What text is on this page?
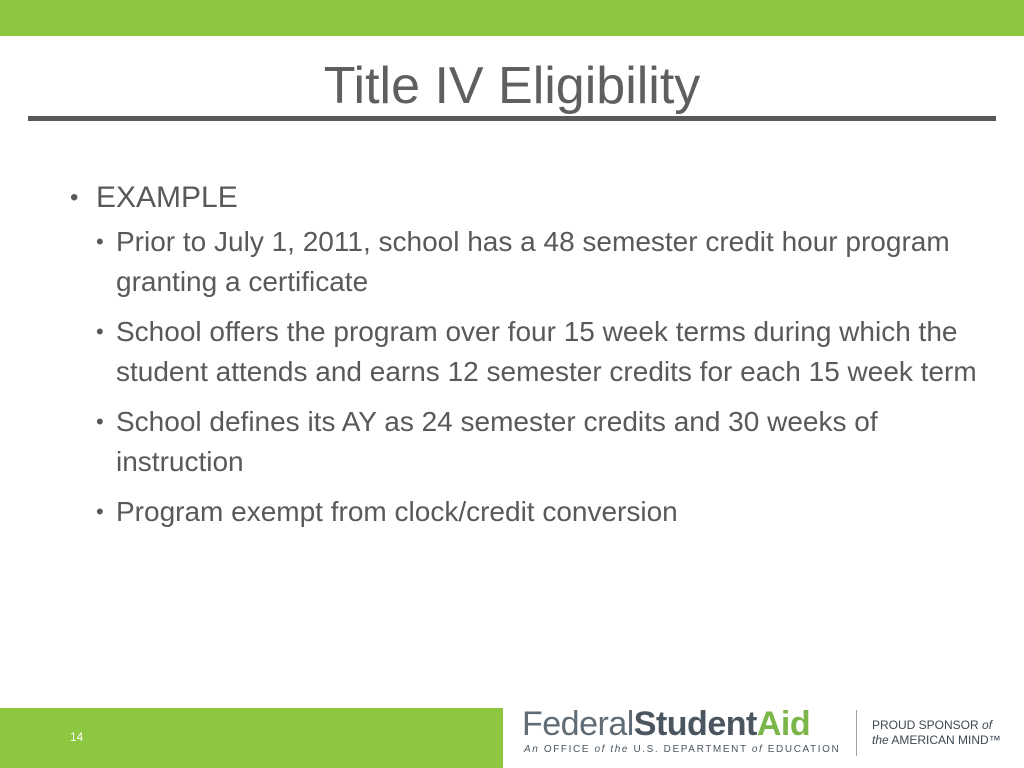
Title IV Eligibility
• EXAMPLE
• Prior to July 1, 2011, school has a 48 semester credit hour program granting a certificate
• School offers the program over four 15 week terms during which the student attends and earns 12 semester credits for each 15 week term
• School defines its AY as 24 semester credits and 30 weeks of instruction
• Program exempt from clock/credit conversion
14	FederalStudentAid
An OFFICE of the U.S. DEPARTMENT of EDUCATION
PROUD SPONSOR of
the AMERICAN MIND™
